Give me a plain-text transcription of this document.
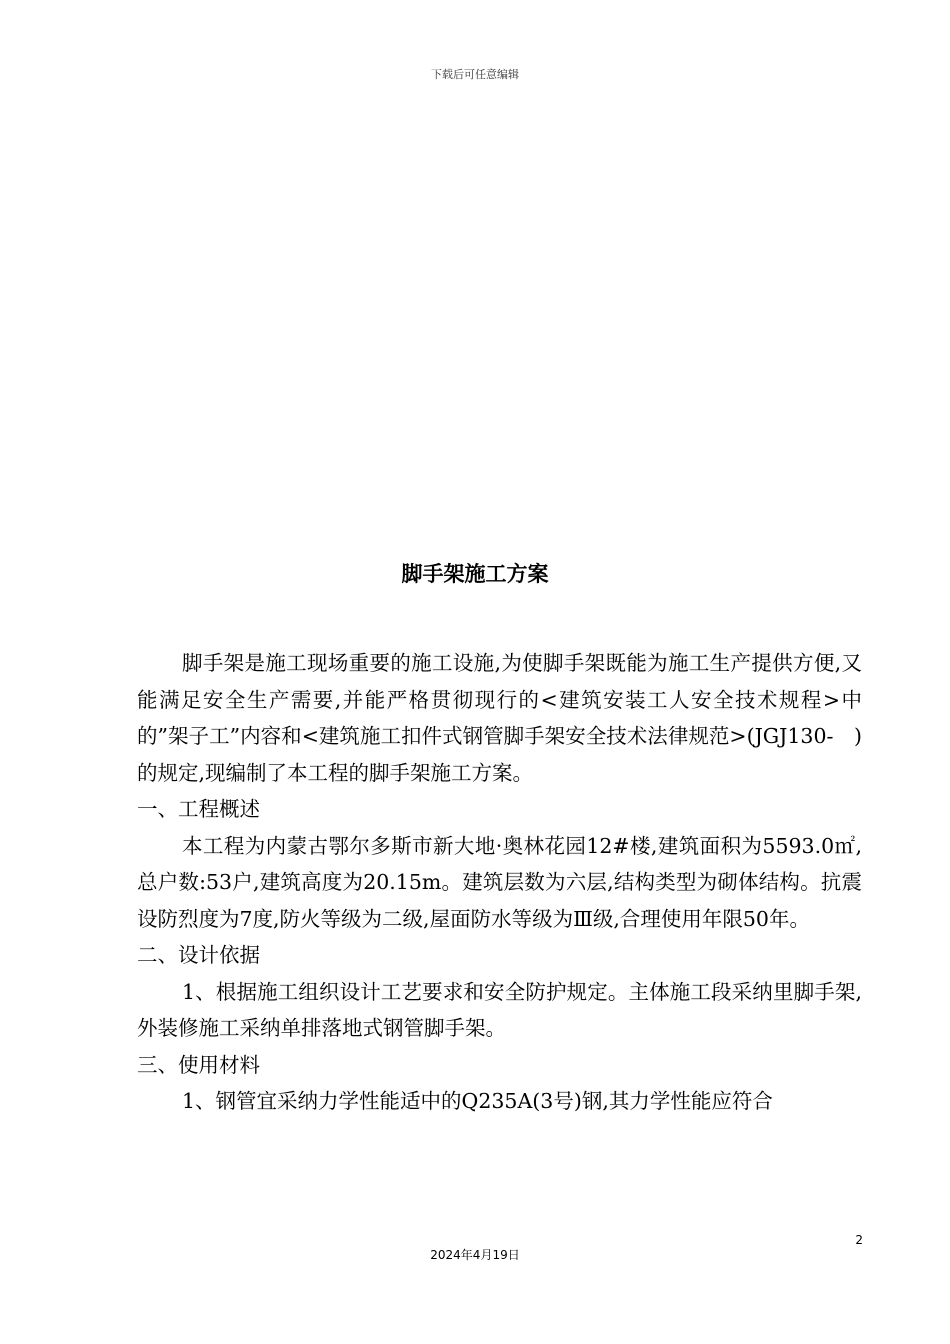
下载后可任意编辑
脚手架施工方案

脚手架是施工现场重要的施工设施,为使脚手架既能为施工生产提供方便,又能满足安全生产需要,并能严格贯彻现行的<建筑安装工人安全技术规程>中的”架子工”内容和<建筑施工扣件式钢管脚手架安全技术法律规范>(JGJ130-　)的规定,现编制了本工程的脚手架施工方案。

一、工程概述

本工程为内蒙古鄂尔多斯市新大地·奥林花园12#楼,建筑面积为5593.0㎡,总户数:53户,建筑高度为20.15m。建筑层数为六层,结构类型为砌体结构。抗震设防烈度为7度,防火等级为二级,屋面防水等级为Ⅲ级,合理使用年限50年。

二、设计依据

1、根据施工组织设计工艺要求和安全防护规定。主体施工段采纳里脚手架,外装修施工采纳单排落地式钢管脚手架。

三、使用材料

1、钢管宜采纳力学性能适中的Q235A(3号)钢,其力学性能应符合

2
2024年4月19日
